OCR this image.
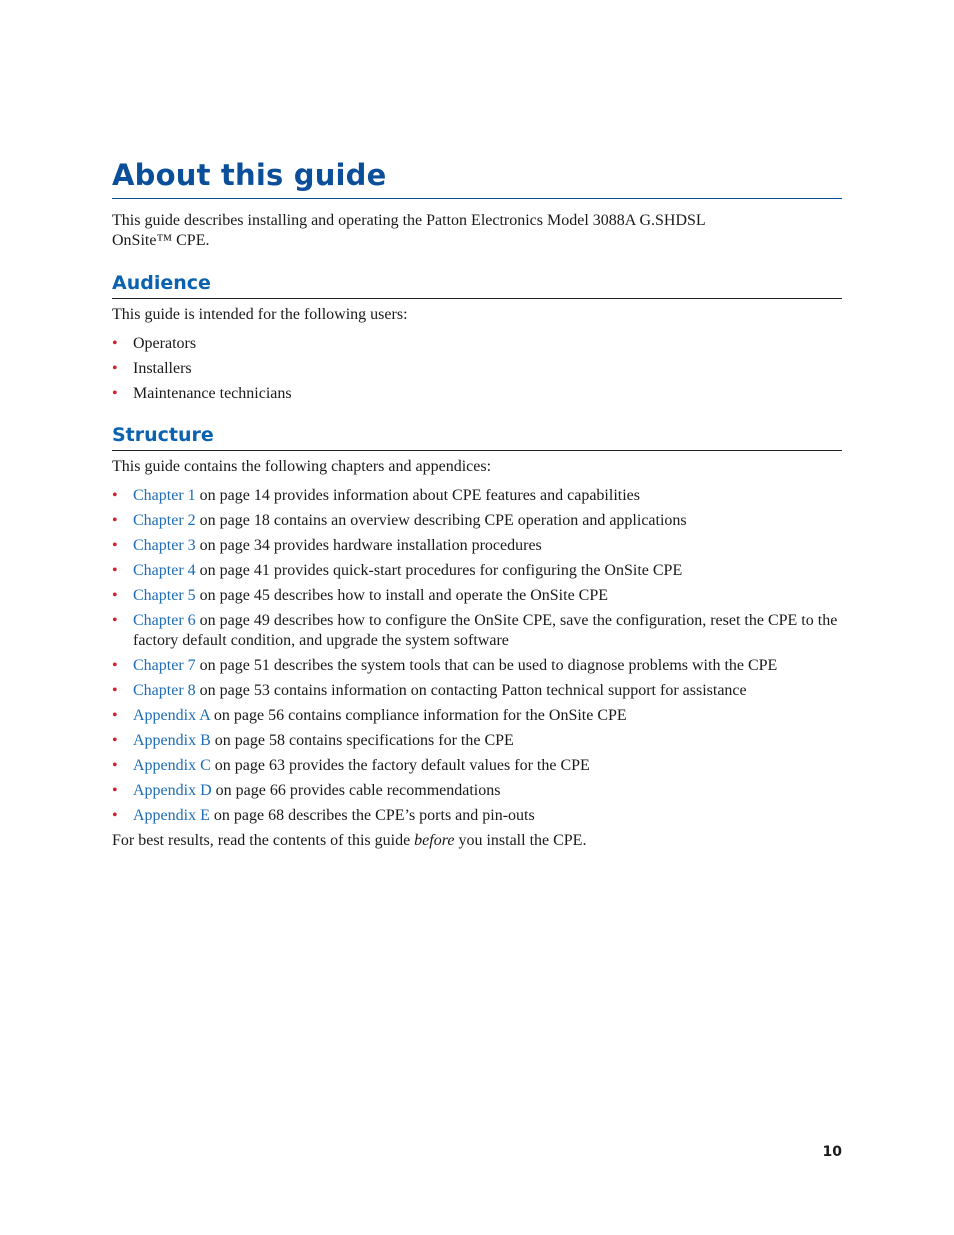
About this guide
This guide describes installing and operating the Patton Electronics Model 3088A G.SHDSL OnSite™ CPE.
Audience
This guide is intended for the following users:
• Operators
• Installers
• Maintenance technicians
Structure
This guide contains the following chapters and appendices:
• Chapter 1 on page 14 provides information about CPE features and capabilities
• Chapter 2 on page 18 contains an overview describing CPE operation and applications
• Chapter 3 on page 34 provides hardware installation procedures
• Chapter 4 on page 41 provides quick-start procedures for configuring the OnSite CPE
• Chapter 5 on page 45 describes how to install and operate the OnSite CPE
• Chapter 6 on page 49 describes how to configure the OnSite CPE, save the configuration, reset the CPE to the factory default condition, and upgrade the system software
• Chapter 7 on page 51 describes the system tools that can be used to diagnose problems with the CPE
• Chapter 8 on page 53 contains information on contacting Patton technical support for assistance
• Appendix A on page 56 contains compliance information for the OnSite CPE
• Appendix B on page 58 contains specifications for the CPE
• Appendix C on page 63 provides the factory default values for the CPE
• Appendix D on page 66 provides cable recommendations
• Appendix E on page 68 describes the CPE’s ports and pin-outs
For best results, read the contents of this guide before you install the CPE.
10
